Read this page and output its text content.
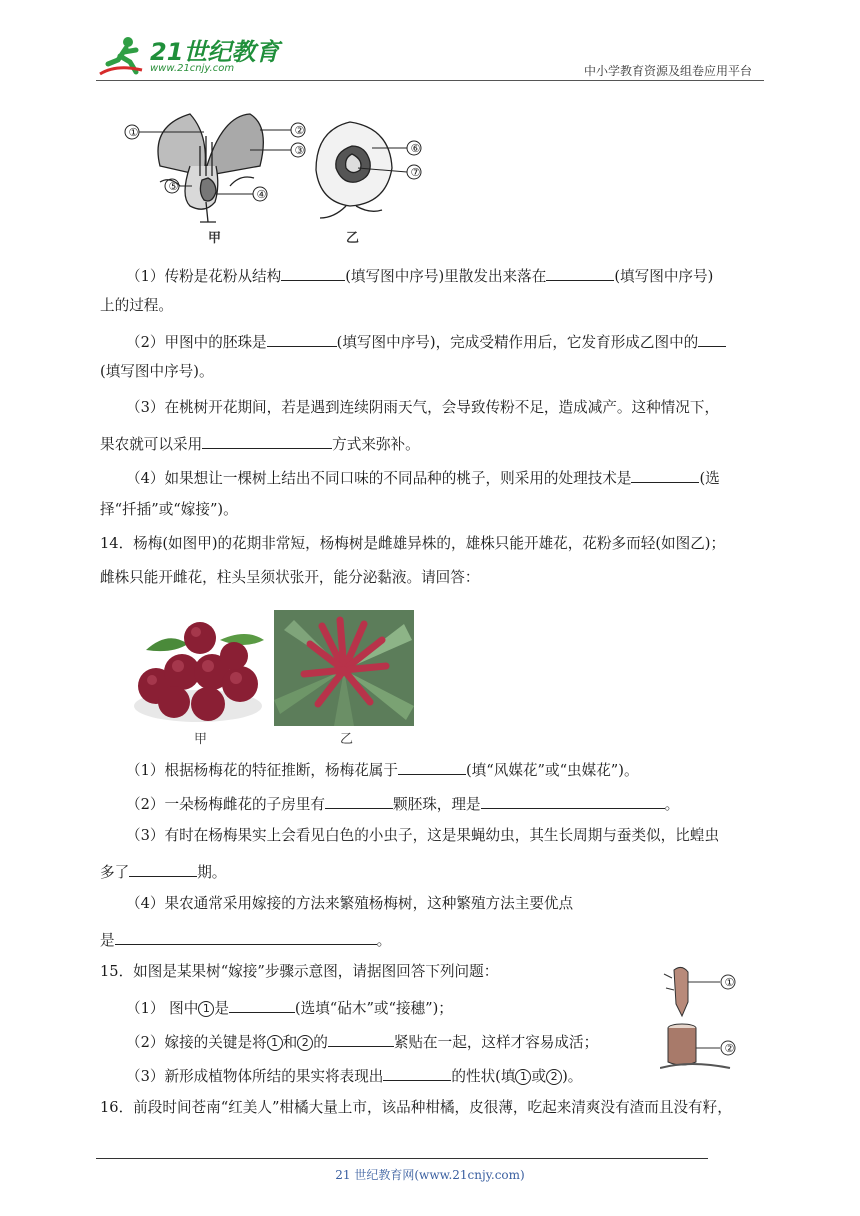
21世纪教育
www.21cnjy.com	中小学教育资源及组卷应用平台
①	②
③
④
⑤
⑥
⑦
甲	乙
（1）传粉是花粉从结构	(填写图中序号)里散发出来落在	(填写图中序号)
上的过程。
（2）甲图中的胚珠是	(填写图中序号)，完成受精作用后，它发育形成乙图中的
(填写图中序号)。
（3）在桃树开花期间，若是遇到连续阴雨天气，会导致传粉不足，造成减产。这种情况下，
果农就可以采用	方式来弥补。
（4）如果想让一棵树上结出不同口味的不同品种的桃子，则采用的处理技术是	(选
择“扦插”或“嫁接”)。
14．杨梅(如图甲)的花期非常短，杨梅树是雌雄异株的，雄株只能开雄花，花粉多而轻(如图乙)；
雌株只能开雌花，柱头呈须状张开，能分泌黏液。请回答：
甲	乙
（1）根据杨梅花的特征推断，杨梅花属于	(填“风媒花”或“虫媒花”)。
（2）一朵杨梅雌花的子房里有	颗胚珠，理是	。
（3）有时在杨梅果实上会看见白色的小虫子，这是果蝇幼虫，其生长周期与蚕类似，比蝗虫
多了	期。
（4）果农通常采用嫁接的方法来繁殖杨梅树，这种繁殖方法主要优点
是	。
15．如图是某果树“嫁接”步骤示意图，请据图回答下列问题：
（1） 图中 1 是	(选填“砧木”或“接穗”)；
（2）嫁接的关键是将 1 和 2 的	紧贴在一起，这样才容易成活；
（3）新形成植物体所结的果实将表现出	的性状(填 1 或 2 )。
①
②
16．前段时间苍南“红美人”柑橘大量上市，该品种柑橘，皮很薄，吃起来清爽没有渣而且没有籽，
21 世纪教育网(www.21cnjy.com)
